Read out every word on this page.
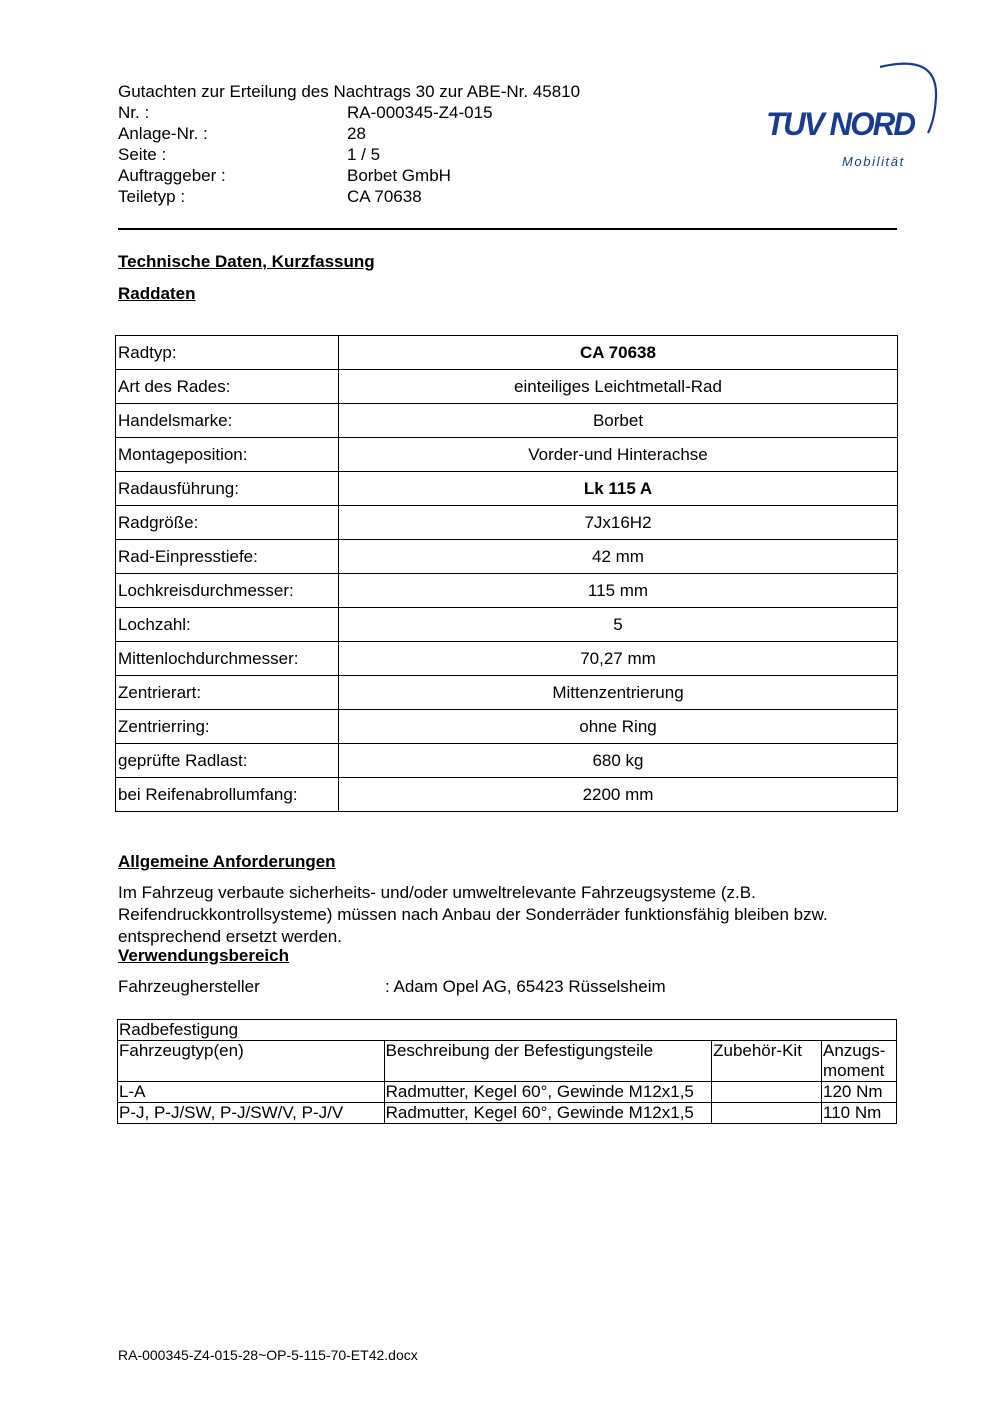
Gutachten zur Erteilung des Nachtrags 30 zur ABE-Nr. 45810
Nr. :	RA-000345-Z4-015
Anlage-Nr. :	28
Seite :	1 / 5
Auftraggeber :	Borbet GmbH
Teiletyp :	CA 70638
TUV NORD
Mobilität
Technische Daten, Kurzfassung
Raddaten
Radtyp:	CA 70638
Art des Rades:	einteiliges Leichtmetall-Rad
Handelsmarke:	Borbet
Montageposition:	Vorder-und Hinterachse
Radausführung:	Lk 115 A
Radgröße:	7Jx16H2
Rad-Einpresstiefe:	42 mm
Lochkreisdurchmesser:	115 mm
Lochzahl:	5
Mittenlochdurchmesser:	70,27 mm
Zentrierart:	Mittenzentrierung
Zentrierring:	ohne Ring
geprüfte Radlast:	680 kg
bei Reifenabrollumfang:	2200 mm
Allgemeine Anforderungen
Im Fahrzeug verbaute sicherheits- und/oder umweltrelevante Fahrzeugsysteme (z.B. Reifendruckkontrollsysteme) müssen nach Anbau der Sonderräder funktionsfähig bleiben bzw. entsprechend ersetzt werden.
Verwendungsbereich
Fahrzeughersteller	: Adam Opel AG, 65423 Rüsselsheim
Radbefestigung			
Fahrzeugtyp(en)	Beschreibung der Befestigungsteile	Zubehör-Kit	Anzugs-moment
L-A	Radmutter, Kegel 60°, Gewinde M12x1,5		120 Nm
P-J, P-J/SW, P-J/SW/V, P-J/V	Radmutter, Kegel 60°, Gewinde M12x1,5		110 Nm
RA-000345-Z4-015-28~OP-5-115-70-ET42.docx
